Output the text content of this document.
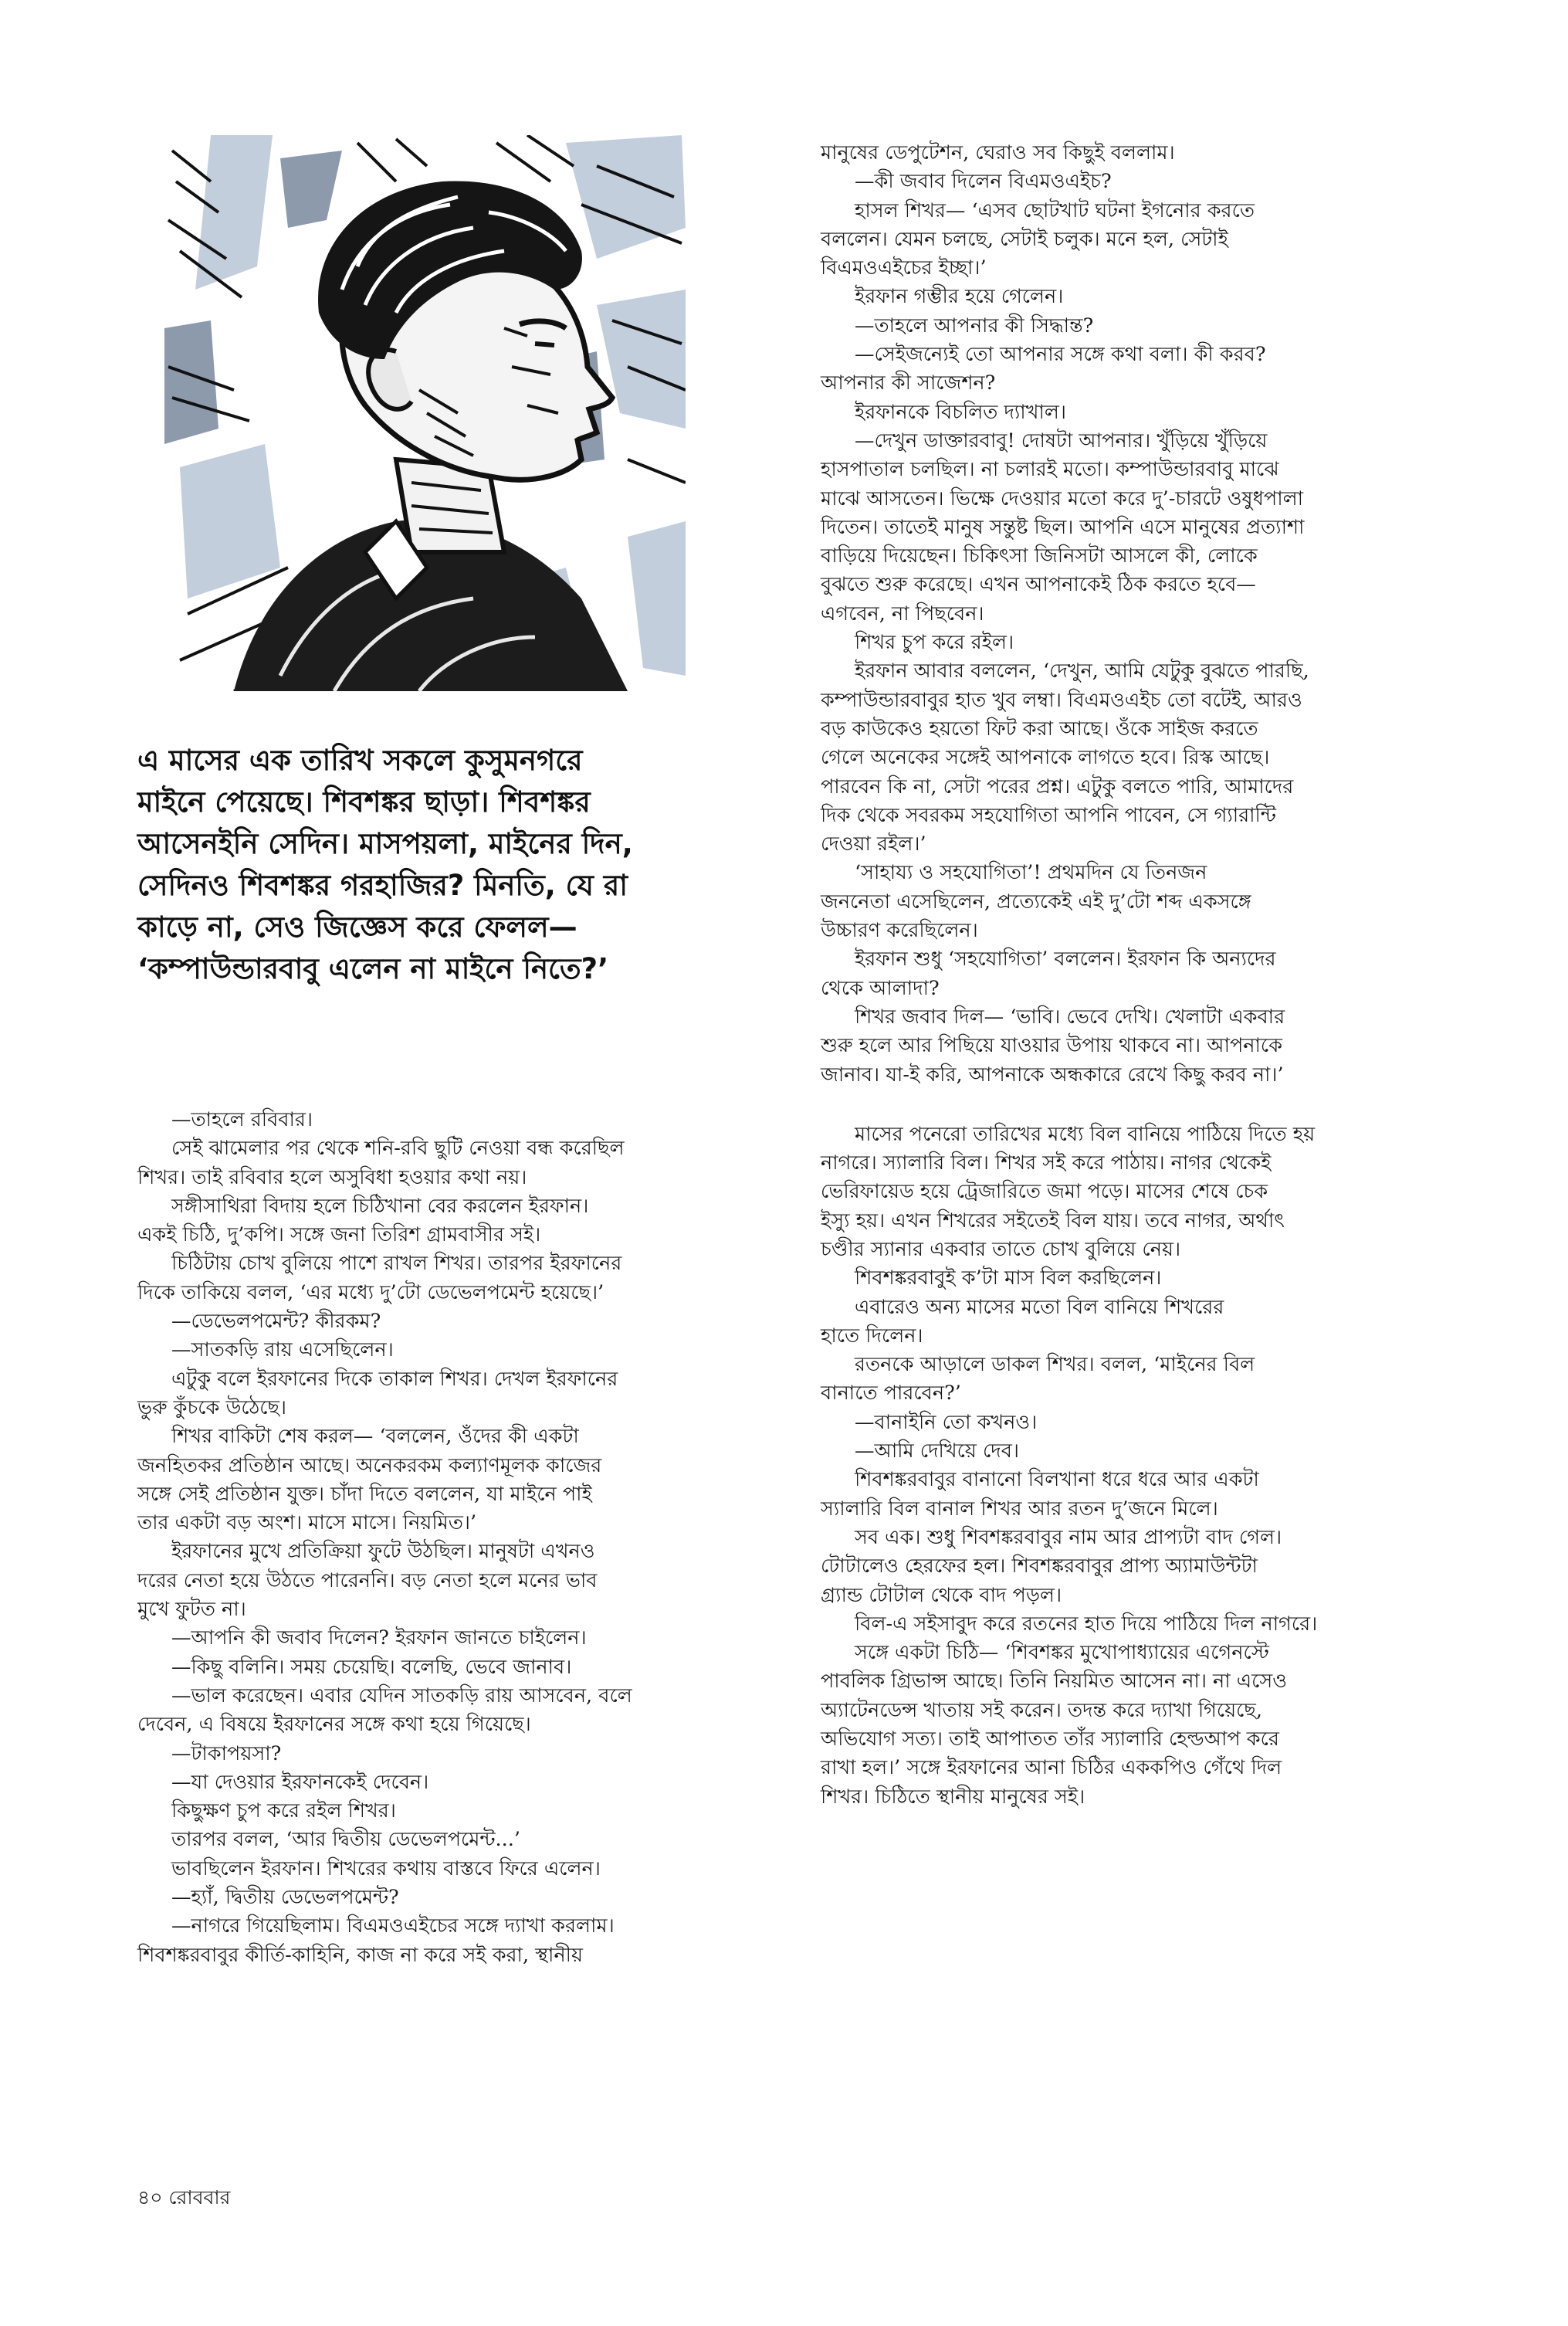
এ মাসের এক তারিখ সকলে কুসুমনগরে

মাইনে পেয়েছে। শিবশঙ্কর ছাড়া। শিবশঙ্কর

আসেনইনি সেদিন। মাসপয়লা, মাইনের দিন,

সেদিনও শিবশঙ্কর গরহাজির? মিনতি, যে রা

কাড়ে না, সেও জিজ্ঞেস করে ফেলল—

‘কম্পাউন্ডারবাবু এলেন না মাইনে নিতে?’

—তাহলে রবিবার।

সেই ঝামেলার পর থেকে শনি-রবি ছুটি নেওয়া বন্ধ করেছিল

শিখর। তাই রবিবার হলে অসুবিধা হওয়ার কথা নয়।

সঙ্গীসাথিরা বিদায় হলে চিঠিখানা বের করলেন ইরফান।

একই চিঠি, দু’কপি। সঙ্গে জনা তিরিশ গ্রামবাসীর সই।

চিঠিটায় চোখ বুলিয়ে পাশে রাখল শিখর। তারপর ইরফানের

দিকে তাকিয়ে বলল, ‘এর মধ্যে দু’টো ডেভেলপমেন্ট হয়েছে।’

—ডেভেলপমেন্ট? কীরকম?

—সাতকড়ি রায় এসেছিলেন।

এটুকু বলে ইরফানের দিকে তাকাল শিখর। দেখল ইরফানের

ভুরু কুঁচকে উঠেছে।

শিখর বাকিটা শেষ করল— ‘বললেন, ওঁদের কী একটা

জনহিতকর প্রতিষ্ঠান আছে। অনেকরকম কল্যাণমূলক কাজের

সঙ্গে সেই প্রতিষ্ঠান যুক্ত। চাঁদা দিতে বললেন, যা মাইনে পাই

তার একটা বড় অংশ। মাসে মাসে। নিয়মিত।’

ইরফানের মুখে প্রতিক্রিয়া ফুটে উঠছিল। মানুষটা এখনও

দরের নেতা হয়ে উঠতে পারেননি। বড় নেতা হলে মনের ভাব

মুখে ফুটত না।

—আপনি কী জবাব দিলেন? ইরফান জানতে চাইলেন।

—কিছু বলিনি। সময় চেয়েছি। বলেছি, ভেবে জানাব।

—ভাল করেছেন। এবার যেদিন সাতকড়ি রায় আসবেন, বলে

দেবেন, এ বিষয়ে ইরফানের সঙ্গে কথা হয়ে গিয়েছে।

—টাকাপয়সা?

—যা দেওয়ার ইরফানকেই দেবেন।

কিছুক্ষণ চুপ করে রইল শিখর।

তারপর বলল, ‘আর দ্বিতীয় ডেভেলপমেন্ট...’

ভাবছিলেন ইরফান। শিখরের কথায় বাস্তবে ফিরে এলেন।

—হ্যাঁ, দ্বিতীয় ডেভেলপমেন্ট?

—নাগরে গিয়েছিলাম। বিএমওএইচের সঙ্গে দ্যাখা করলাম।

শিবশঙ্করবাবুর কীর্তি-কাহিনি, কাজ না করে সই করা, স্থানীয়

মানুষের ডেপুটেশন, ঘেরাও সব কিছুই বললাম।

—কী জবাব দিলেন বিএমওএইচ?

হাসল শিখর— ‘এসব ছোটখাট ঘটনা ইগনোর করতে

বললেন। যেমন চলছে, সেটাই চলুক। মনে হল, সেটাই

বিএমওএইচের ইচ্ছা।’

ইরফান গম্ভীর হয়ে গেলেন।

—তাহলে আপনার কী সিদ্ধান্ত?

—সেইজন্যেই তো আপনার সঙ্গে কথা বলা। কী করব?

আপনার কী সাজেশন?

ইরফানকে বিচলিত দ্যাখাল।

—দেখুন ডাক্তারবাবু! দোষটা আপনার। খুঁড়িয়ে খুঁড়িয়ে

হাসপাতাল চলছিল। না চলারই মতো। কম্পাউন্ডারবাবু মাঝে

মাঝে আসতেন। ভিক্ষে দেওয়ার মতো করে দু’-চারটে ওষুধপালা

দিতেন। তাতেই মানুষ সন্তুষ্ট ছিল। আপনি এসে মানুষের প্রত্যাশা

বাড়িয়ে দিয়েছেন। চিকিৎসা জিনিসটা আসলে কী, লোকে

বুঝতে শুরু করেছে। এখন আপনাকেই ঠিক করতে হবে—

এগবেন, না পিছবেন।

শিখর চুপ করে রইল।

ইরফান আবার বললেন, ‘দেখুন, আমি যেটুকু বুঝতে পারছি,

কম্পাউন্ডারবাবুর হাত খুব লম্বা। বিএমওএইচ তো বটেই, আরও

বড় কাউকেও হয়তো ফিট করা আছে। ওঁকে সাইজ করতে

গেলে অনেকের সঙ্গেই আপনাকে লাগতে হবে। রিস্ক আছে।

পারবেন কি না, সেটা পরের প্রশ্ন। এটুকু বলতে পারি, আমাদের

দিক থেকে সবরকম সহযোগিতা আপনি পাবেন, সে গ্যারান্টি

দেওয়া রইল।’

‘সাহায্য ও সহযোগিতা’! প্রথমদিন যে তিনজন

জননেতা এসেছিলেন, প্রত্যেকেই এই দু’টো শব্দ একসঙ্গে

উচ্চারণ করেছিলেন।

ইরফান শুধু ‘সহযোগিতা’ বললেন। ইরফান কি অন্যদের

থেকে আলাদা?

শিখর জবাব দিল— ‘ভাবি। ভেবে দেখি। খেলাটা একবার

শুরু হলে আর পিছিয়ে যাওয়ার উপায় থাকবে না। আপনাকে

জানাব। যা-ই করি, আপনাকে অন্ধকারে রেখে কিছু করব না।’

মাসের পনেরো তারিখের মধ্যে বিল বানিয়ে পাঠিয়ে দিতে হয়

নাগরে। স্যালারি বিল। শিখর সই করে পাঠায়। নাগর থেকেই

ভেরিফায়েড হয়ে ট্রেজারিতে জমা পড়ে। মাসের শেষে চেক

ইস্যু হয়। এখন শিখরের সইতেই বিল যায়। তবে নাগর, অর্থাৎ

চণ্ডীর স্যানার একবার তাতে চোখ বুলিয়ে নেয়।

শিবশঙ্করবাবুই ক’টা মাস বিল করছিলেন।

এবারেও অন্য মাসের মতো বিল বানিয়ে শিখরের

হাতে দিলেন।

রতনকে আড়ালে ডাকল শিখর। বলল, ‘মাইনের বিল

বানাতে পারবেন?’

—বানাইনি তো কখনও।

—আমি দেখিয়ে দেব।

শিবশঙ্করবাবুর বানানো বিলখানা ধরে ধরে আর একটা

স্যালারি বিল বানাল শিখর আর রতন দু’জনে মিলে।

সব এক। শুধু শিবশঙ্করবাবুর নাম আর প্রাপ্যটা বাদ গেল।

টোটালেও হেরফের হল। শিবশঙ্করবাবুর প্রাপ্য অ্যামাউন্টটা

গ্র্যান্ড টোটাল থেকে বাদ পড়ল।

বিল-এ সইসাবুদ করে রতনের হাত দিয়ে পাঠিয়ে দিল নাগরে।

সঙ্গে একটা চিঠি— ‘শিবশঙ্কর মুখোপাধ্যায়ের এগেনস্টে

পাবলিক গ্রিভান্স আছে। তিনি নিয়মিত আসেন না। না এসেও

অ্যাটেনডেন্স খাতায় সই করেন। তদন্ত করে দ্যাখা গিয়েছে,

অভিযোগ সত্য। তাই আপাতত তাঁর স্যালারি হেল্ডআপ করে

রাখা হল।’ সঙ্গে ইরফানের আনা চিঠির এককপিও গেঁথে দিল

শিখর। চিঠিতে স্থানীয় মানুষের সই।

৪০ রোববার
